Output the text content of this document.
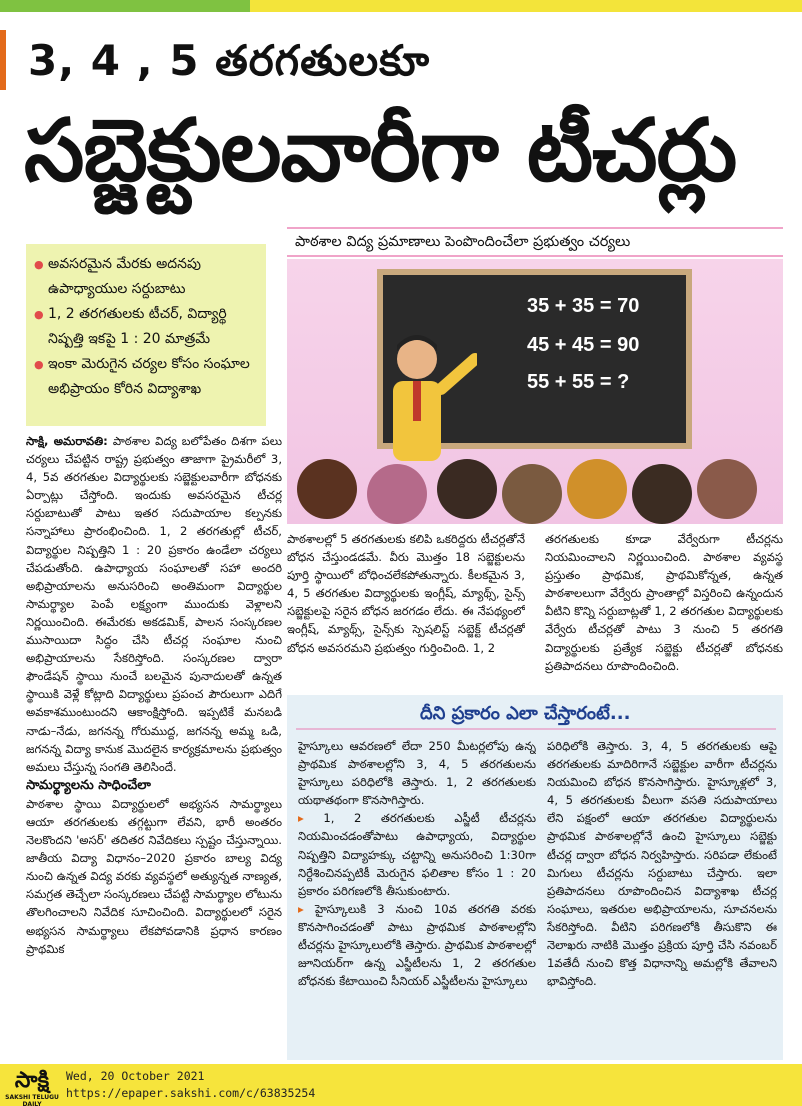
3, 4 , 5 తరగతులకూ
సబ్జెక్టులవారీగా టీచర్లు
● అవసరమైన మేరకు అదనపు ఉపాధ్యాయుల సర్దుబాటు
● 1, 2 తరగతులకు టీచర్, విద్యార్థి నిష్పత్తి ఇకపై 1 : 20 మాత్రమే
● ఇంకా మెరుగైన చర్యల కోసం సంఘాల అభిప్రాయం కోరిన విద్యాశాఖ
సాక్షి, అమరావతి: పాఠశాల విద్య బలోపేతం దిశగా పలు చర్యలు చేపట్టిన రాష్ట్ర ప్రభుత్వం తాజాగా ప్రైమరీలో 3, 4, 5వ తరగతుల విద్యార్థులకు సబ్జెక్టులవారీగా బోధనకు ఏర్పాట్లు చేస్తోంది. ఇందుకు అవసరమైన టీచర్ల సర్దుబాటుతో పాటు ఇతర సదుపాయాల కల్పనకు సన్నాహాలు ప్రారంభించింది. 1, 2 తరగతుల్లో టీచర్, విద్యార్థుల నిష్పత్తిని 1 : 20 ప్రకారం ఉండేలా చర్యలు చేపడుతోంది. ఉపాధ్యాయ సంఘాలతో సహా అందరి అభిప్రాయాలను అనుసరించి అంతిమంగా విద్యార్థుల సామర్థ్యాల పెంపే లక్ష్యంగా ముందుకు వెళ్లాలని నిర్ణయించింది. ఈమేరకు అకడమిక్, పాలన సంస్కరణల ముసాయిదా సిద్ధం చేసి టీచర్ల సంఘాల నుంచి అభిప్రాయాలను సేకరిస్తోంది. సంస్కరణల ద్వారా ఫౌండేషన్ స్థాయి నుంచే బలమైన పునాదులతో ఉన్నత స్థాయికి వెళ్లే కోట్లాది విద్యార్థులు ప్రపంచ పౌరులుగా ఎదిగే అవకాశముంటుందని ఆకాంక్షిస్తోంది. ఇప్పటికే మనబడి నాడు–నేడు, జగనన్న గోరుముద్ద, జగనన్న అమ్మ ఒడి, జగనన్న విద్యా కానుక మొదలైన కార్యక్రమాలను ప్రభుత్వం అమలు చేస్తున్న సంగతి తెలిసిందే.
సామర్థ్యాలను సాధించేలా
పాఠశాల స్థాయి విద్యార్థులలో అభ్యసన సామర్థ్యాలు ఆయా తరగతులకు తగ్గట్టుగా లేవని, భారీ అంతరం నెలకొందని 'అసర్' తదితర నివేదికలు స్పష్టం చేస్తున్నాయి. జాతీయ విద్యా విధానం–2020 ప్రకారం బాల్య విద్య నుంచి ఉన్నత విద్య వరకు వ్యవస్థలో అత్యున్నత నాణ్యత, సమగ్రత తెచ్చేలా సంస్కరణలు చేపట్టి సామర్థ్యాల లోటును తొలగించాలని నివేదిక సూచించింది. విద్యార్థులలో సరైన అభ్యసన సామర్థ్యాలు లేకపోవడానికి ప్రధాన కారణం ప్రాథమిక
పాఠశాల విద్య ప్రమాణాలు పెంపొందించేలా ప్రభుత్వం చర్యలు
35 + 35 = 70
45 + 45 = 90
55 + 55 = ?
పాఠశాలల్లో 5 తరగతులకు కలిపి ఒకరిద్దరు టీచర్లతోనే బోధన చేస్తుండడమే. వీరు మొత్తం 18 సబ్జెక్టులను పూర్తి స్థాయిలో బోధించలేకపోతున్నారు. కీలకమైన 3, 4, 5 తరగతుల విద్యార్థులకు ఇంగ్లీష్, మ్యాథ్స్, సైన్స్ సబ్జెక్టులపై సరైన బోధన జరగడం లేదు. ఈ నేపథ్యంలో ఇంగ్లీష్, మ్యాథ్స్, సైన్స్‌కు స్పెషలిస్ట్ సబ్జెక్ట్ టీచర్లతో బోధన అవసరమని ప్రభుత్వం గుర్తించింది. 1, 2
తరగతులకు కూడా వేర్వేరుగా టీచర్లను నియమించాలని నిర్ణయించింది. పాఠశాల వ్యవస్థ ప్రస్తుతం ప్రాథమిక, ప్రాథమికోన్నత, ఉన్నత పాఠశాలలుగా వేర్వేరు ప్రాంతాల్లో విస్తరించి ఉన్నందున వీటిని కొన్ని సర్దుబాట్లతో 1, 2 తరగతుల విద్యార్థులకు వేర్వేరు టీచర్లతో పాటు 3 నుంచి 5 తరగతి విద్యార్థులకు ప్రత్యేక సబ్జెక్టు టీచర్లతో బోధనకు ప్రతిపాదనలు రూపొందించింది.
దీని ప్రకారం ఎలా చేస్తారంటే...
హైస్కూలు ఆవరణలో లేదా 250 మీటర్లలోపు ఉన్న ప్రాథమిక పాఠశాలల్లోని 3, 4, 5 తరగతులను హైస్కూలు పరిధిలోకి తెస్తారు. 1, 2 తరగతులకు యథాతథంగా కొనసాగిస్తారు.
▸ 1, 2 తరగతులకు ఎస్జీటీ టీచర్లను నియమించడంతోపాటు ఉపాధ్యాయ, విద్యార్థుల నిష్పత్తిని విద్యాహక్కు చట్టాన్ని అనుసరించి 1:30గా నిర్దేశించినప్పటికీ మెరుగైన ఫలితాల కోసం 1 : 20 ప్రకారం పరిగణలోకి తీసుకుంటారు.
▸ హైస్కూలుకి 3 నుంచి 10వ తరగతి వరకు కొనసాగించడంతో పాటు ప్రాథమిక పాఠశాలల్లోని టీచర్లను హైస్కూలులోకి తెస్తారు. ప్రాథమిక పాఠశాలల్లో జూనియర్‌గా ఉన్న ఎస్జీటీలను 1, 2 తరగతుల బోధనకు కేటాయించి సీనియర్ ఎస్జీటీలను హైస్కూలు
పరిధిలోకి తెస్తారు. 3, 4, 5 తరగతులకు ఆపై తరగతులకు మాదిరిగానే సబ్జెక్టుల వారీగా టీచర్లను నియమించి బోధన కొనసాగిస్తారు. హైస్కూళ్లలో 3, 4, 5 తరగతులకు వీలుగా వసతి సదుపాయాలు లేని పక్షంలో ఆయా తరగతుల విద్యార్థులను ప్రాథమిక పాఠశాలల్లోనే ఉంచి హైస్కూలు సబ్జెక్టు టీచర్ల ద్వారా బోధన నిర్వహిస్తారు. సరిపడా లేకుంటే మిగులు టీచర్లను సర్దుబాటు చేస్తారు. ఇలా ప్రతిపాదనలు రూపొందించిన విద్యాశాఖ టీచర్ల సంఘాలు, ఇతరుల అభిప్రాయాలను, సూచనలను సేకరిస్తోంది. వీటిని పరిగణలోకి తీసుకొని ఈ నెలాఖరు నాటికి మొత్తం ప్రక్రియ పూర్తి చేసి నవంబర్ 1వతేదీ నుంచి కొత్త విధానాన్ని అమల్లోకి తేవాలని భావిస్తోంది.
సాక్షి
SAKSHI TELUGU DAILY
Wed, 20 October 2021
https://epaper.sakshi.com/c/63835254
